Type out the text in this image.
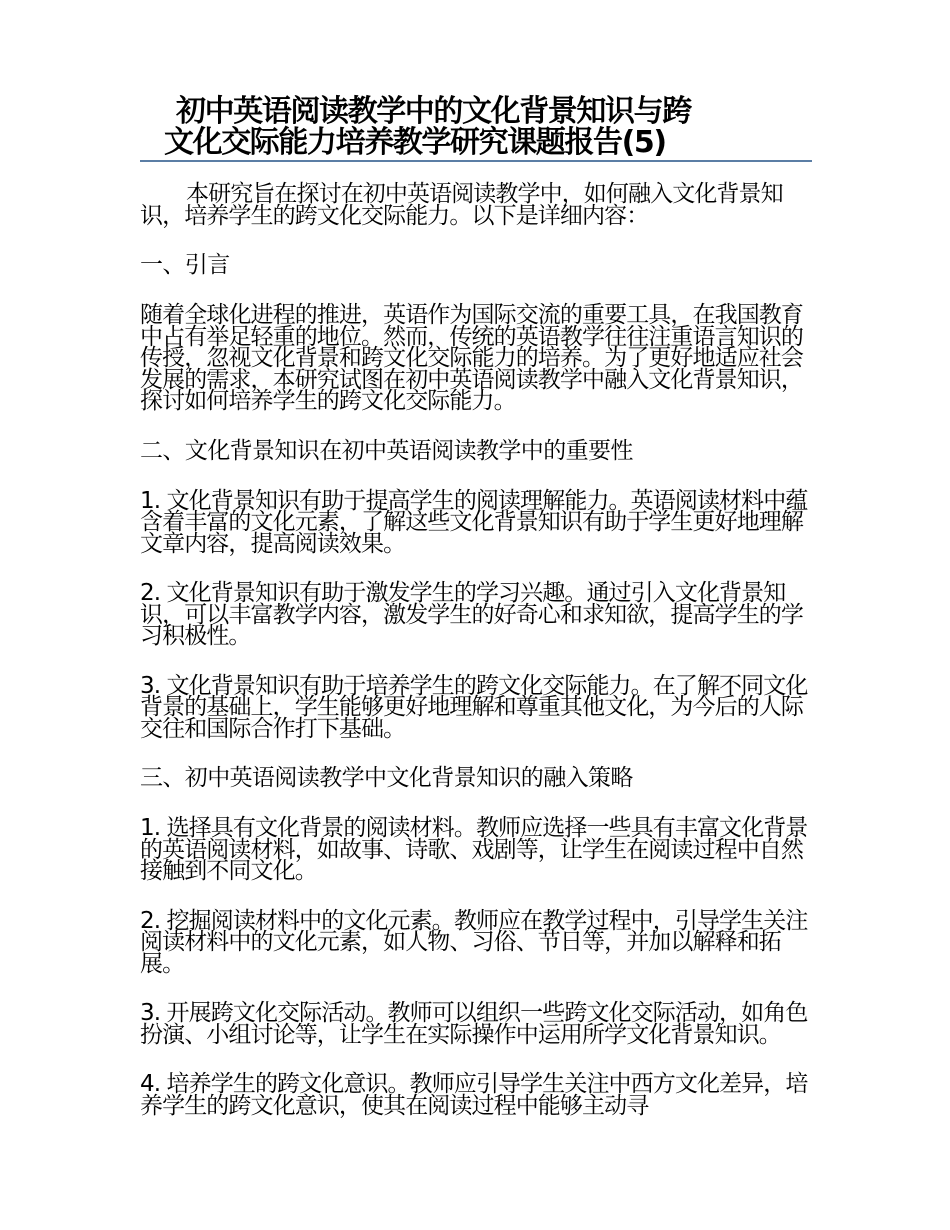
初中英语阅读教学中的文化背景知识与跨
文化交际能力培养教学研究课题报告(5)

本研究旨在探讨在初中英语阅读教学中，如何融入文化背景知识，培养学生的跨文化交际能力。以下是详细内容：

一、引言

随着全球化进程的推进，英语作为国际交流的重要工具，在我国教育中占有举足轻重的地位。然而，传统的英语教学往往注重语言知识的传授，忽视文化背景和跨文化交际能力的培养。为了更好地适应社会发展的需求，本研究试图在初中英语阅读教学中融入文化背景知识，探讨如何培养学生的跨文化交际能力。

二、文化背景知识在初中英语阅读教学中的重要性

1. 文化背景知识有助于提高学生的阅读理解能力。英语阅读材料中蕴含着丰富的文化元素，了解这些文化背景知识有助于学生更好地理解文章内容，提高阅读效果。

2. 文化背景知识有助于激发学生的学习兴趣。通过引入文化背景知识，可以丰富教学内容，激发学生的好奇心和求知欲，提高学生的学习积极性。

3. 文化背景知识有助于培养学生的跨文化交际能力。在了解不同文化背景的基础上，学生能够更好地理解和尊重其他文化，为今后的人际交往和国际合作打下基础。

三、初中英语阅读教学中文化背景知识的融入策略

1. 选择具有文化背景的阅读材料。教师应选择一些具有丰富文化背景的英语阅读材料，如故事、诗歌、戏剧等，让学生在阅读过程中自然接触到不同文化。

2. 挖掘阅读材料中的文化元素。教师应在教学过程中，引导学生关注阅读材料中的文化元素，如人物、习俗、节日等，并加以解释和拓展。

3. 开展跨文化交际活动。教师可以组织一些跨文化交际活动，如角色扮演、小组讨论等，让学生在实际操作中运用所学文化背景知识。

4. 培养学生的跨文化意识。教师应引导学生关注中西方文化差异，培养学生的跨文化意识，使其在阅读过程中能够主动寻
